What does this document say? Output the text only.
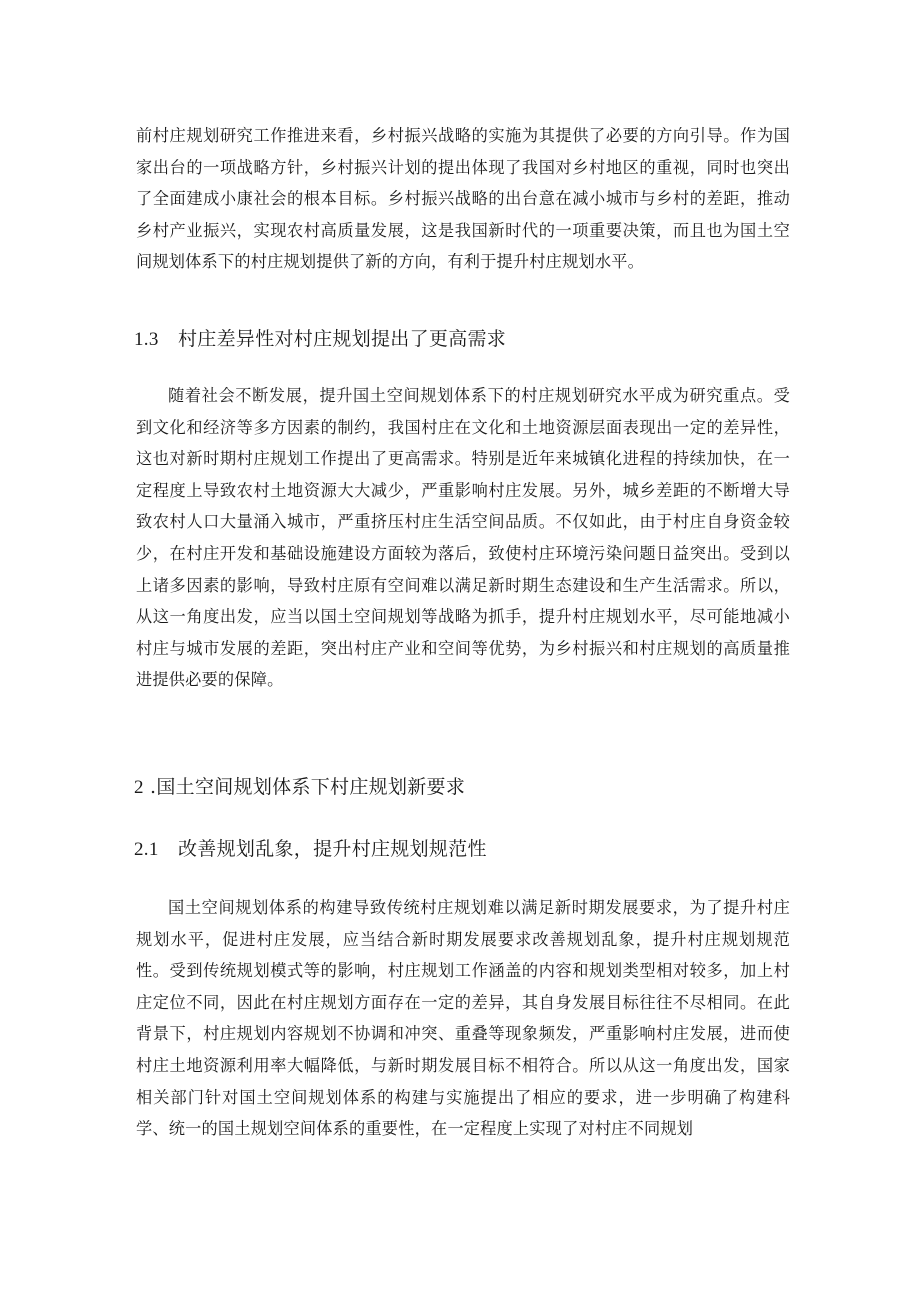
前村庄规划研究工作推进来看，乡村振兴战略的实施为其提供了必要的方向引导。作为国家出台的一项战略方针，乡村振兴计划的提出体现了我国对乡村地区的重视，同时也突出了全面建成小康社会的根本目标。乡村振兴战略的出台意在减小城市与乡村的差距，推动乡村产业振兴，实现农村高质量发展，这是我国新时代的一项重要决策，而且也为国土空间规划体系下的村庄规划提供了新的方向，有利于提升村庄规划水平。

1.3 村庄差异性对村庄规划提出了更高需求

随着社会不断发展，提升国土空间规划体系下的村庄规划研究水平成为研究重点。受到文化和经济等多方因素的制约，我国村庄在文化和土地资源层面表现出一定的差异性，这也对新时期村庄规划工作提出了更高需求。特别是近年来城镇化进程的持续加快，在一定程度上导致农村土地资源大大减少，严重影响村庄发展。另外，城乡差距的不断增大导致农村人口大量涌入城市，严重挤压村庄生活空间品质。不仅如此，由于村庄自身资金较少，在村庄开发和基础设施建设方面较为落后，致使村庄环境污染问题日益突出。受到以上诸多因素的影响，导致村庄原有空间难以满足新时期生态建设和生产生活需求。所以，从这一角度出发，应当以国土空间规划等战略为抓手，提升村庄规划水平，尽可能地减小村庄与城市发展的差距，突出村庄产业和空间等优势，为乡村振兴和村庄规划的高质量推进提供必要的保障。

2 .国土空间规划体系下村庄规划新要求
2.1 改善规划乱象，提升村庄规划规范性

国土空间规划体系的构建导致传统村庄规划难以满足新时期发展要求，为了提升村庄规划水平，促进村庄发展，应当结合新时期发展要求改善规划乱象，提升村庄规划规范性。受到传统规划模式等的影响，村庄规划工作涵盖的内容和规划类型相对较多，加上村庄定位不同，因此在村庄规划方面存在一定的差异，其自身发展目标往往不尽相同。在此背景下，村庄规划内容规划不协调和冲突、重叠等现象频发，严重影响村庄发展，进而使村庄土地资源利用率大幅降低，与新时期发展目标不相符合。所以从这一角度出发，国家相关部门针对国土空间规划体系的构建与实施提出了相应的要求，进一步明确了构建科学、统一的国土规划空间体系的重要性，在一定程度上实现了对村庄不同规划
